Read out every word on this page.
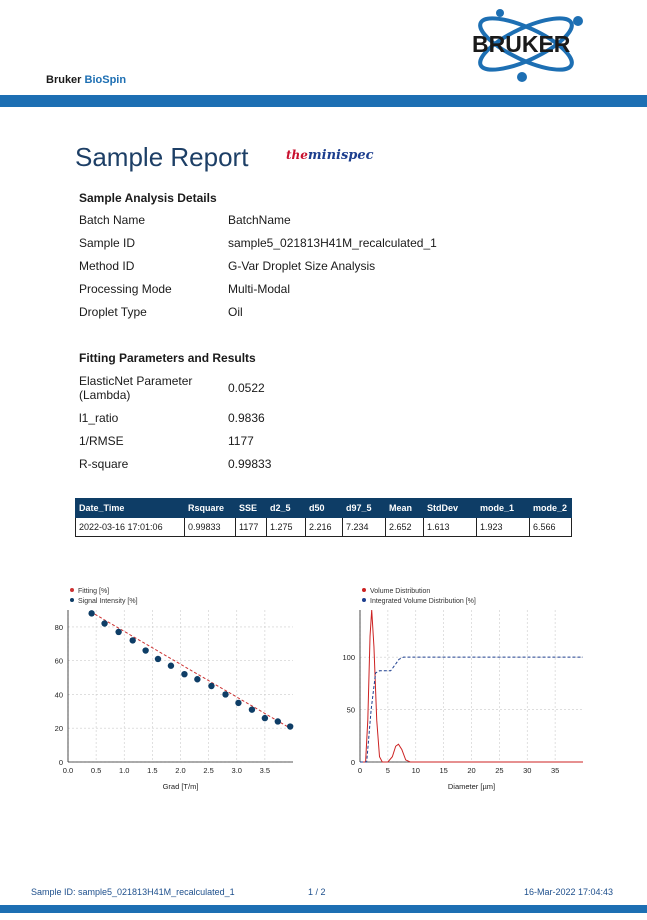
BRUKER
Bruker BioSpin
Sample Report	theminispec
Sample Analysis Details
Batch Name	BatchName
Sample ID	sample5_021813H41M_recalculated_1
Method ID	G-Var Droplet Size Analysis
Processing Mode	Multi-Modal
Droplet Type	Oil
Fitting Parameters and Results
ElasticNet Parameter (Lambda)	0.0522
l1_ratio	0.9836
1/RMSE	1177
R-square	0.99833
Date_Time	Rsquare	SSE	d2_5	d50	d97_5	Mean	StdDev	mode_1	mode_2
2022-03-16 17:01:06	0.99833	1177	1.275	2.216	7.234	2.652	1.613	1.923	6.566
Fitting [%]
Signal Intensity [%]
0.0 0.5 1.0 1.5 2.0 2.5 3.0 3.5
0
20
40
60
80
Grad [T/m]
Volume Distribution
Integrated Volume Distribution [%]
0	5	10	15	20	25	30	35
0
50
100
Diameter [µm]
Sample ID: sample5_021813H41M_recalculated_1	1 / 2	16-Mar-2022 17:04:43
